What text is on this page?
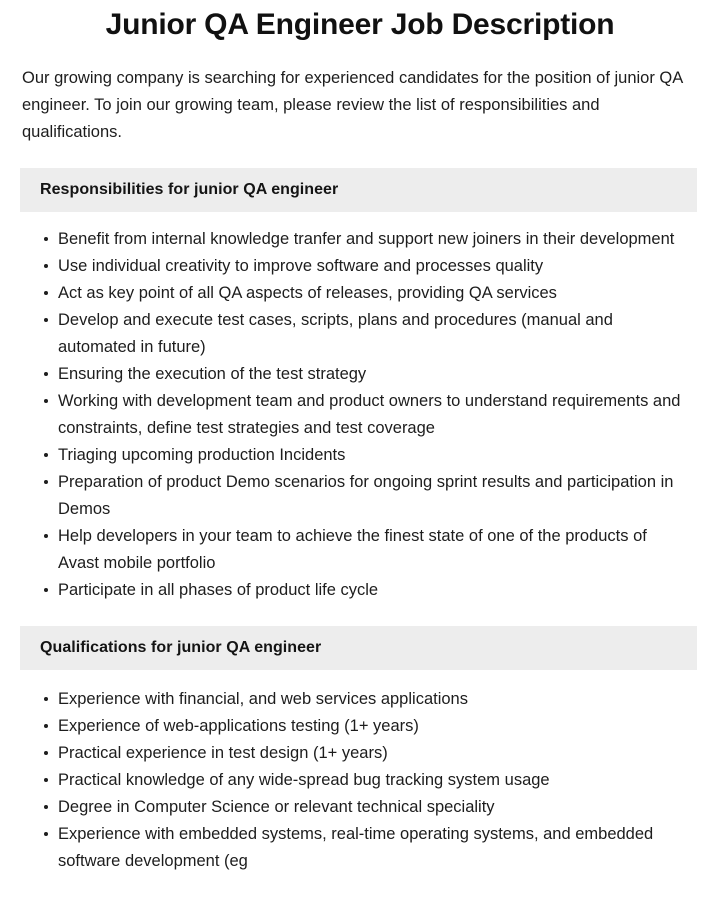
Junior QA Engineer Job Description

Our growing company is searching for experienced candidates for the position of junior QA engineer. To join our growing team, please review the list of responsibilities and qualifications.

Responsibilities for junior QA engineer
Benefit from internal knowledge tranfer and support new joiners in their development
Use individual creativity to improve software and processes quality
Act as key point of all QA aspects of releases, providing QA services
Develop and execute test cases, scripts, plans and procedures (manual and automated in future)
Ensuring the execution of the test strategy
Working with development team and product owners to understand requirements and constraints, define test strategies and test coverage
Triaging upcoming production Incidents
Preparation of product Demo scenarios for ongoing sprint results and participation in Demos
Help developers in your team to achieve the finest state of one of the products of Avast mobile portfolio
Participate in all phases of product life cycle
Qualifications for junior QA engineer
Experience with financial, and web services applications
Experience of web-applications testing (1+ years)
Practical experience in test design (1+ years)
Practical knowledge of any wide-spread bug tracking system usage
Degree in Computer Science or relevant technical speciality
Experience with embedded systems, real-time operating systems, and embedded software development (eg
